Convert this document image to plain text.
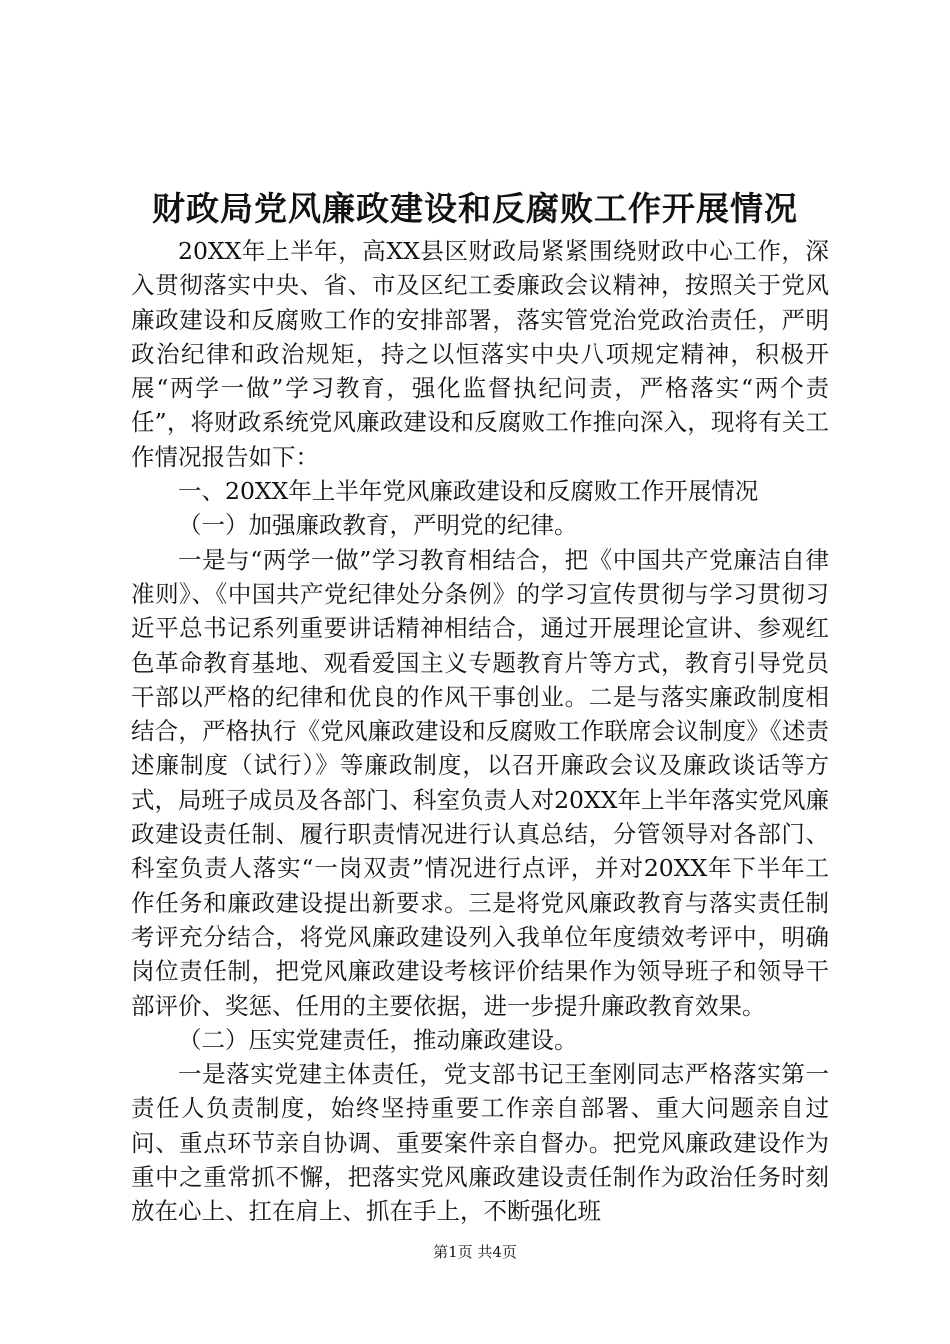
财政局党风廉政建设和反腐败工作开展情况

20XX年上半年，高XX县区财政局紧紧围绕财政中心工作，深入贯彻落实中央、省、市及区纪工委廉政会议精神，按照关于党风廉政建设和反腐败工作的安排部署，落实管党治党政治责任，严明政治纪律和政治规矩，持之以恒落实中央八项规定精神，积极开展“两学一做”学习教育，强化监督执纪问责，严格落实“两个责任”，将财政系统党风廉政建设和反腐败工作推向深入，现将有关工作情况报告如下：

一、20XX年上半年党风廉政建设和反腐败工作开展情况

（一）加强廉政教育，严明党的纪律。

一是与“两学一做”学习教育相结合，把《中国共产党廉洁自律准则》、《中国共产党纪律处分条例》的学习宣传贯彻与学习贯彻习近平总书记系列重要讲话精神相结合，通过开展理论宣讲、参观红色革命教育基地、观看爱国主义专题教育片等方式，教育引导党员干部以严格的纪律和优良的作风干事创业。二是与落实廉政制度相结合，严格执行《党风廉政建设和反腐败工作联席会议制度》《述责述廉制度（试行）》等廉政制度，以召开廉政会议及廉政谈话等方式，局班子成员及各部门、科室负责人对20XX年上半年落实党风廉政建设责任制、履行职责情况进行认真总结，分管领导对各部门、科室负责人落实“一岗双责”情况进行点评，并对20XX年下半年工作任务和廉政建设提出新要求。三是将党风廉政教育与落实责任制考评充分结合，将党风廉政建设列入我单位年度绩效考评中，明确岗位责任制，把党风廉政建设考核评价结果作为领导班子和领导干部评价、奖惩、任用的主要依据，进一步提升廉政教育效果。

（二）压实党建责任，推动廉政建设。

一是落实党建主体责任，党支部书记王奎刚同志严格落实第一责任人负责制度，始终坚持重要工作亲自部署、重大问题亲自过问、重点环节亲自协调、重要案件亲自督办。把党风廉政建设作为重中之重常抓不懈，把落实党风廉政建设责任制作为政治任务时刻放在心上、扛在肩上、抓在手上，不断强化班

第1页 共4页
